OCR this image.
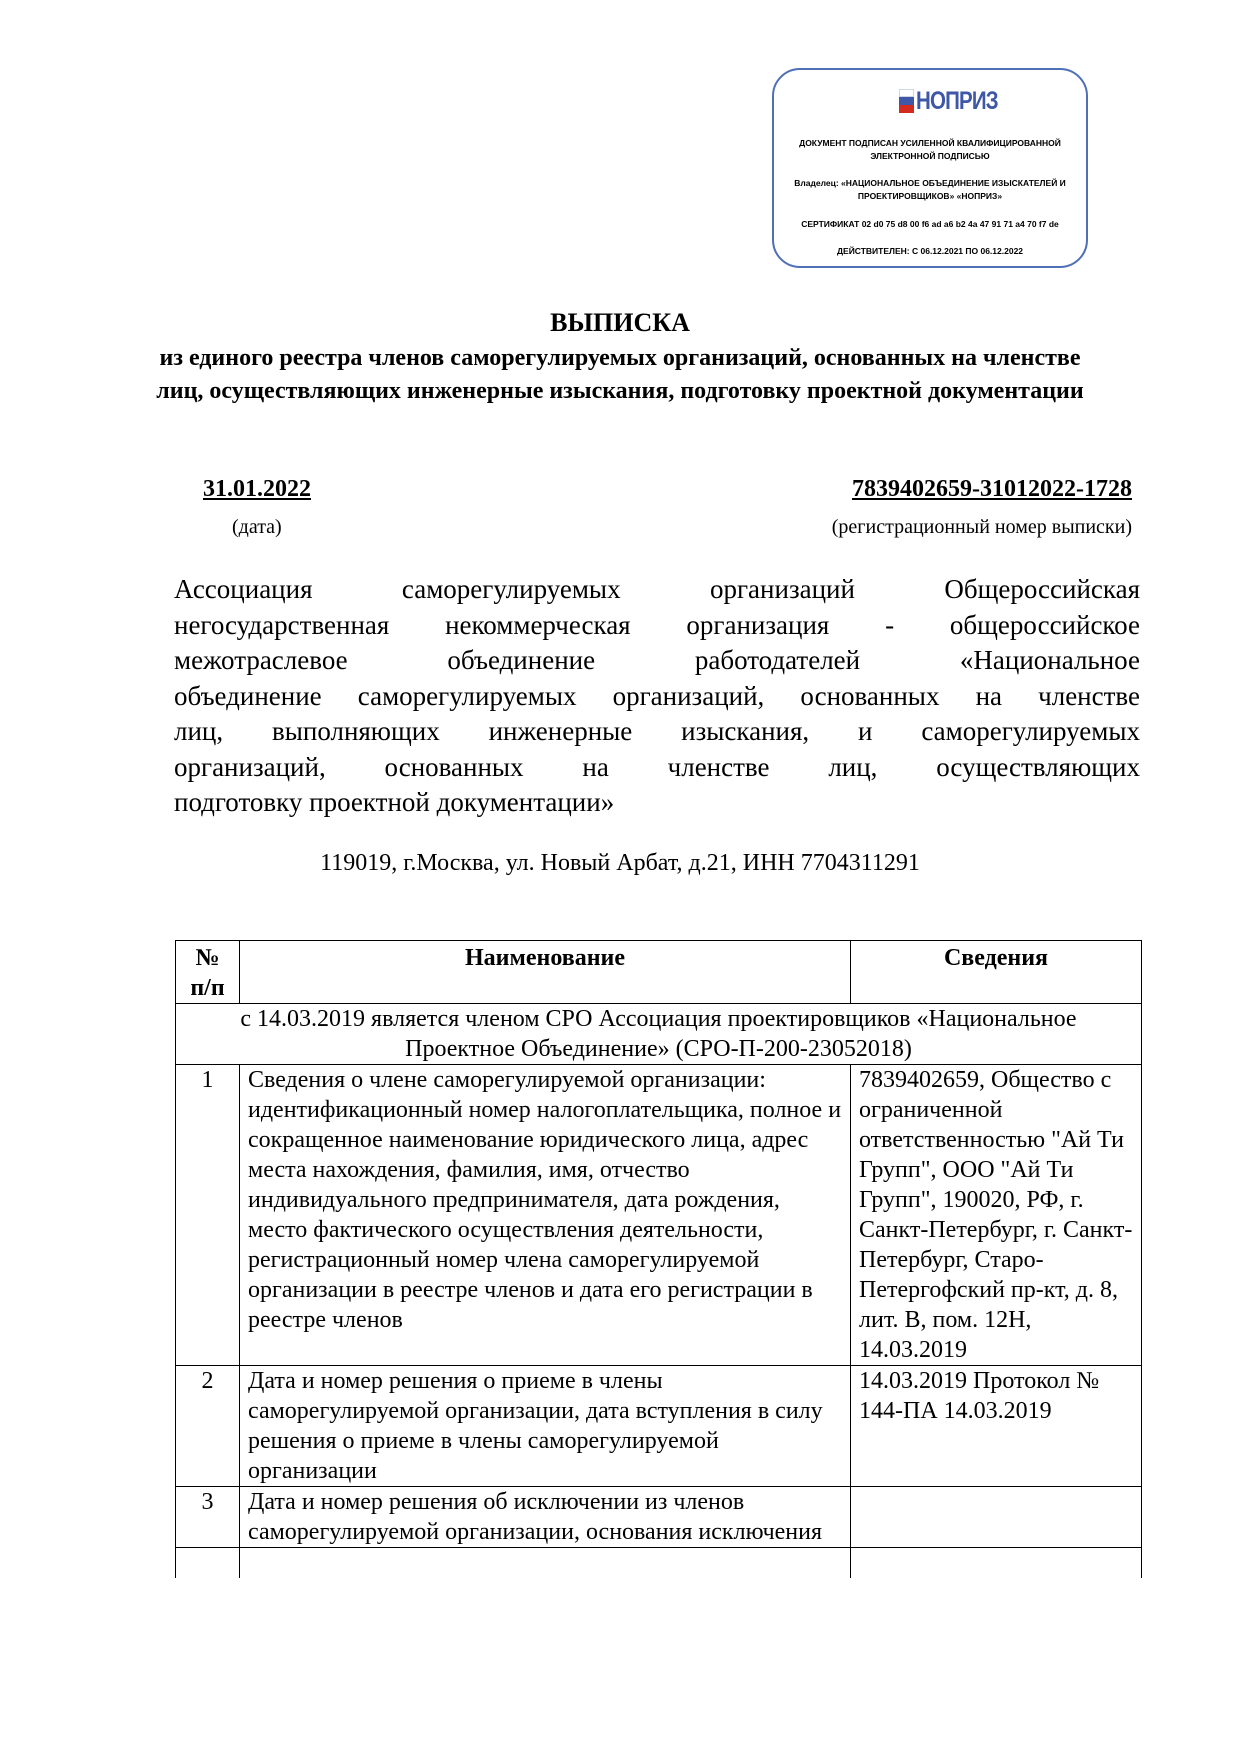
НОПРИЗ
ДОКУМЕНТ ПОДПИСАН УСИЛЕННОЙ КВАЛИФИЦИРОВАННОЙ
ЭЛЕКТРОННОЙ ПОДПИСЬЮ
Владелец: «НАЦИОНАЛЬНОЕ ОБЪЕДИНЕНИЕ ИЗЫСКАТЕЛЕЙ И
ПРОЕКТИРОВЩИКОВ» «НОПРИЗ»
СЕРТИФИКАТ 02 d0 75 d8 00 f6 ad a6 b2 4a 47 91 71 a4 70 f7 de
ДЕЙСТВИТЕЛЕН: С 06.12.2021 ПО 06.12.2022
ВЫПИСКА
из единого реестра членов саморегулируемых организаций, основанных на членстве лиц, осуществляющих инженерные изыскания, подготовку проектной документации
31.01.2022
(дата)
7839402659-31012022-1728
(регистрационный номер выписки)
Ассоциация саморегулируемых организаций Общероссийская
негосударственная некоммерческая организация - общероссийское
межотраслевое объединение работодателей «Национальное
объединение саморегулируемых организаций, основанных на членстве
лиц, выполняющих инженерные изыскания, и саморегулируемых
организаций, основанных на членстве лиц, осуществляющих
подготовку проектной документации»
119019, г.Москва, ул. Новый Арбат, д.21, ИНН 7704311291
№ п/п	Наименование	Сведения
с 14.03.2019 является членом СРО Ассоциация проектировщиков «Национальное Проектное Объединение» (СРО-П-200-23052018)		
1	Сведения о члене саморегулируемой организации: идентификационный номер налогоплательщика, полное и сокращенное наименование юридического лица, адрес места нахождения, фамилия, имя, отчество индивидуального предпринимателя, дата рождения, место фактического осуществления деятельности, регистрационный номер члена саморегулируемой организации в реестре членов и дата его регистрации в реестре членов	7839402659, Общество с ограниченной ответственностью "Ай Ти Групп", ООО "Ай Ти Групп", 190020, РФ, г. Санкт-Петербург, г. Санкт-Петербург, Старо-Петергофский пр-кт, д. 8, лит. В, пом. 12Н, 14.03.2019
2	Дата и номер решения о приеме в члены саморегулируемой организации, дата вступления в силу решения о приеме в члены саморегулируемой организации	14.03.2019 Протокол № 144-ПА 14.03.2019
3	Дата и номер решения об исключении из членов саморегулируемой организации, основания исключения	
